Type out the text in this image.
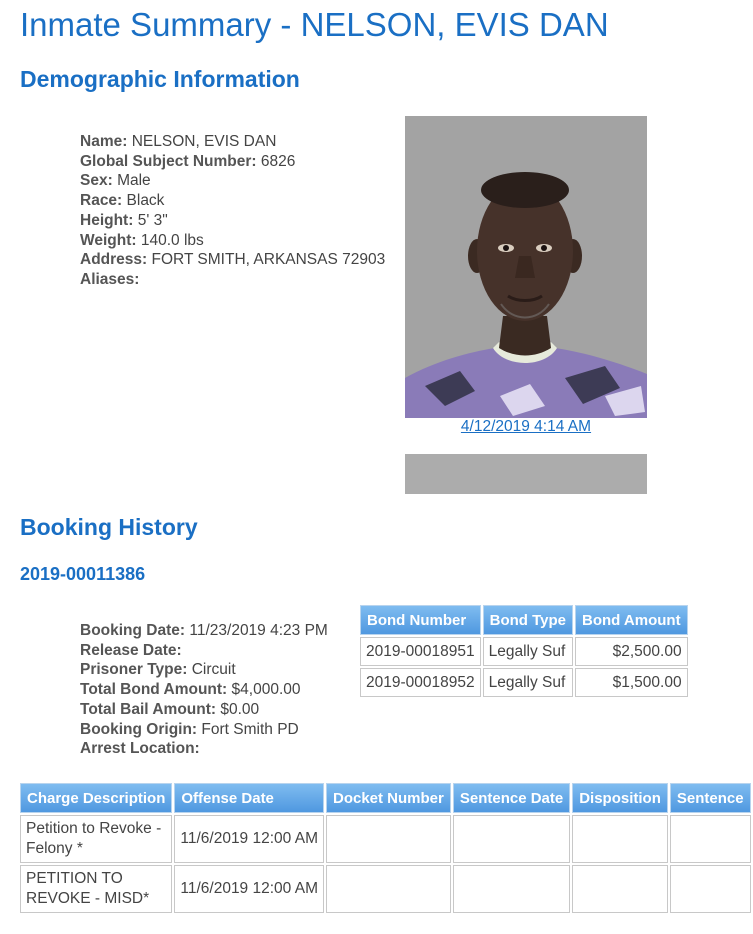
Inmate Summary - NELSON, EVIS DAN
Demographic Information
Name: NELSON, EVIS DAN
Global Subject Number: 6826
Sex: Male
Race: Black
Height: 5' 3"
Weight: 140.0 lbs
Address: FORT SMITH, ARKANSAS 72903
Aliases:
4/12/2019 4:14 AM
Booking History
2019-00011386
Booking Date: 11/23/2019 4:23 PM
Release Date:
Prisoner Type: Circuit
Total Bond Amount: $4,000.00
Total Bail Amount: $0.00
Booking Origin: Fort Smith PD
Arrest Location:
Bond Number	Bond Type	Bond Amount
2019-00018951	Legally Suf	$2,500.00
2019-00018952	Legally Suf	$1,500.00
Charge Description	Offense Date	Docket Number	Sentence Date	Disposition	Sentence
Petition to Revoke - Felony *	11/6/2019 12:00 AM				
PETITION TO REVOKE - MISD*	11/6/2019 12:00 AM				
